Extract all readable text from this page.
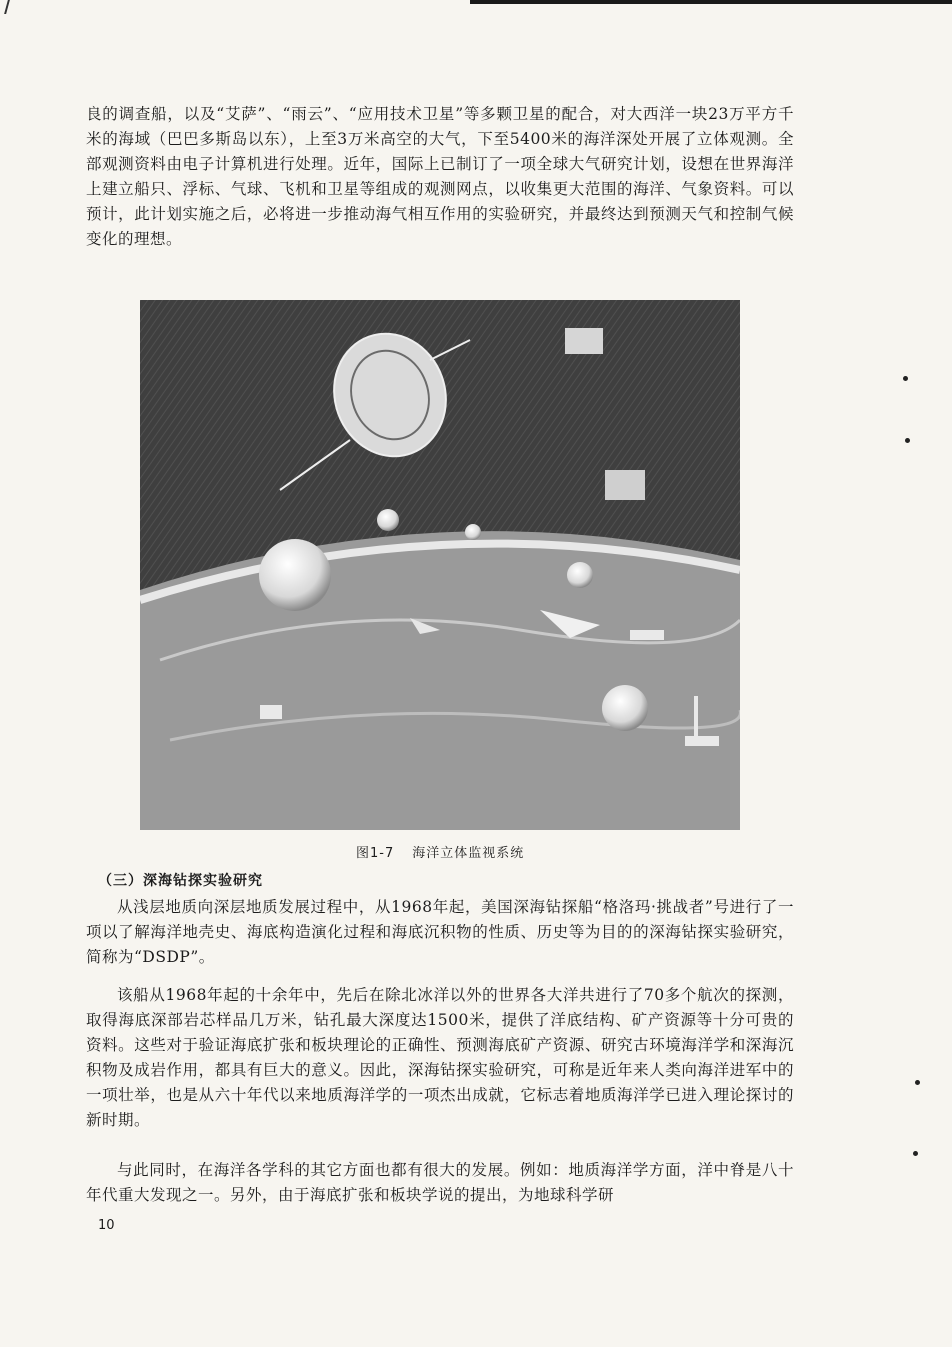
良的调查船，以及“艾萨”、“雨云”、“应用技术卫星”等多颗卫星的配合，对大西洋一块23万平方千米的海域（巴巴多斯岛以东），上至3万米高空的大气，下至5400米的海洋深处开展了立体观测。全部观测资料由电子计算机进行处理。近年，国际上已制订了一项全球大气研究计划，设想在世界海洋上建立船只、浮标、气球、飞机和卫星等组成的观测网点，以收集更大范围的海洋、气象资料。可以预计，此计划实施之后，必将进一步推动海气相互作用的实验研究，并最终达到预测天气和控制气候变化的理想。

图1-7 海洋立体监视系统
（三）深海钻探实验研究

从浅层地质向深层地质发展过程中，从1968年起，美国深海钻探船“格洛玛·挑战者”号进行了一项以了解海洋地壳史、海底构造演化过程和海底沉积物的性质、历史等为目的的深海钻探实验研究，简称为“DSDP”。

该船从1968年起的十余年中，先后在除北冰洋以外的世界各大洋共进行了70多个航次的探测，取得海底深部岩芯样品几万米，钻孔最大深度达1500米，提供了洋底结构、矿产资源等十分可贵的资料。这些对于验证海底扩张和板块理论的正确性、预测海底矿产资源、研究古环境海洋学和深海沉积物及成岩作用，都具有巨大的意义。因此，深海钻探实验研究，可称是近年来人类向海洋进军中的一项壮举，也是从六十年代以来地质海洋学的一项杰出成就，它标志着地质海洋学已进入理论探讨的新时期。

与此同时，在海洋各学科的其它方面也都有很大的发展。例如：地质海洋学方面，洋中脊是八十年代重大发现之一。另外，由于海底扩张和板块学说的提出，为地球科学研

10
